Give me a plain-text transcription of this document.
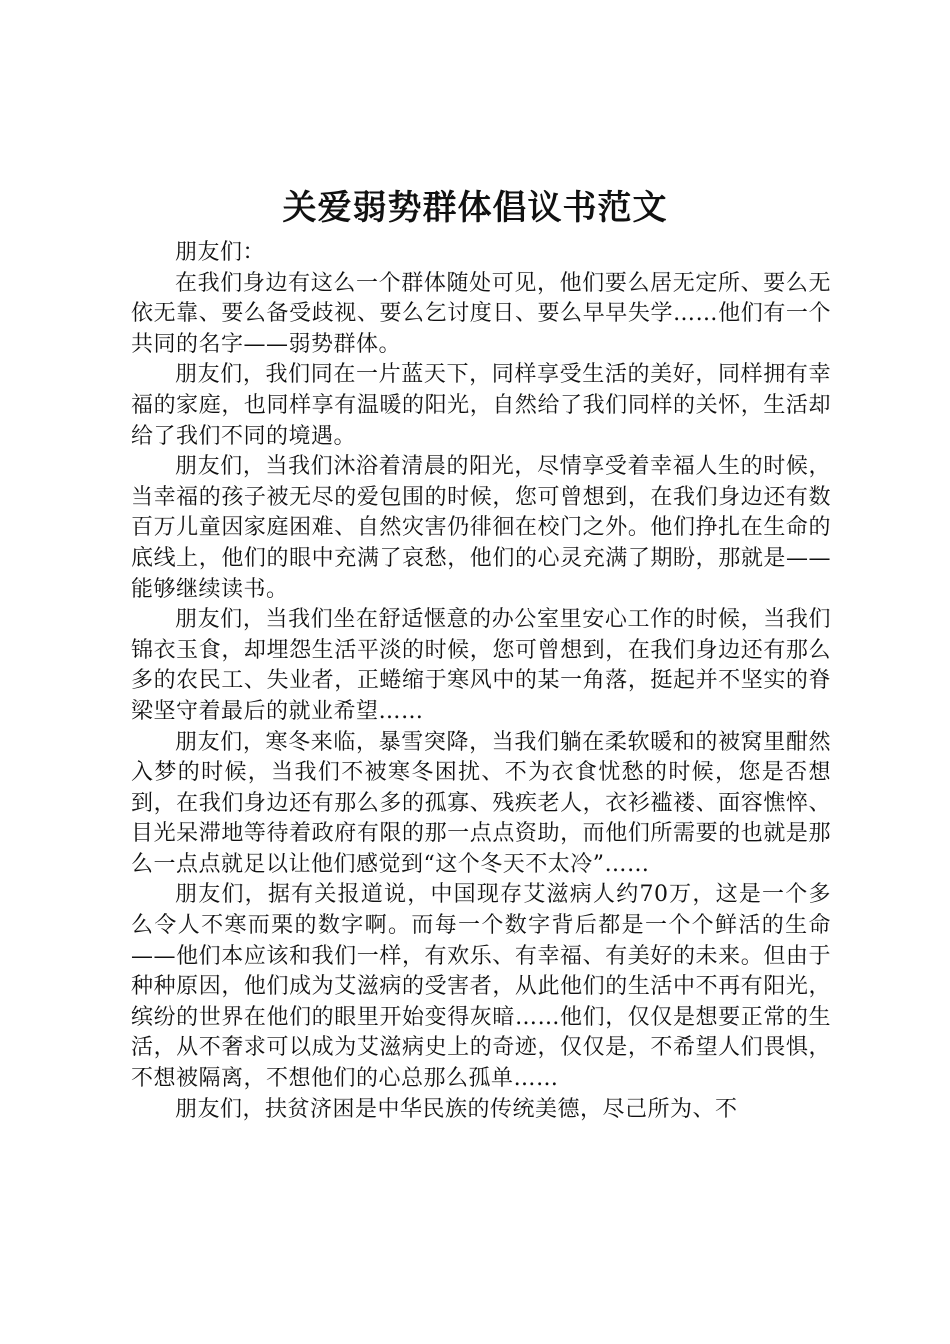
关爱弱势群体倡议书范文

朋友们：

在我们身边有这么一个群体随处可见，他们要么居无定所、要么无依无靠、要么备受歧视、要么乞讨度日、要么早早失学……他们有一个共同的名字——弱势群体。

朋友们，我们同在一片蓝天下，同样享受生活的美好，同样拥有幸福的家庭，也同样享有温暖的阳光，自然给了我们同样的关怀，生活却给了我们不同的境遇。

朋友们，当我们沐浴着清晨的阳光，尽情享受着幸福人生的时候，当幸福的孩子被无尽的爱包围的时候，您可曾想到，在我们身边还有数百万儿童因家庭困难、自然灾害仍徘徊在校门之外。他们挣扎在生命的底线上，他们的眼中充满了哀愁，他们的心灵充满了期盼，那就是——能够继续读书。

朋友们，当我们坐在舒适惬意的办公室里安心工作的时候，当我们锦衣玉食，却埋怨生活平淡的时候，您可曾想到，在我们身边还有那么多的农民工、失业者，正蜷缩于寒风中的某一角落，挺起并不坚实的脊梁坚守着最后的就业希望……

朋友们，寒冬来临，暴雪突降，当我们躺在柔软暖和的被窝里酣然入梦的时候，当我们不被寒冬困扰、不为衣食忧愁的时候，您是否想到，在我们身边还有那么多的孤寡、残疾老人，衣衫褴褛、面容憔悴、目光呆滞地等待着政府有限的那一点点资助，而他们所需要的也就是那么一点点就足以让他们感觉到“这个冬天不太冷”……

朋友们，据有关报道说，中国现存艾滋病人约70万，这是一个多么令人不寒而栗的数字啊。而每一个数字背后都是一个个鲜活的生命——他们本应该和我们一样，有欢乐、有幸福、有美好的未来。但由于种种原因，他们成为艾滋病的受害者，从此他们的生活中不再有阳光，缤纷的世界在他们的眼里开始变得灰暗……他们，仅仅是想要正常的生活，从不奢求可以成为艾滋病史上的奇迹，仅仅是，不希望人们畏惧，不想被隔离，不想他们的心总那么孤单……

朋友们，扶贫济困是中华民族的传统美德，尽己所为、不
